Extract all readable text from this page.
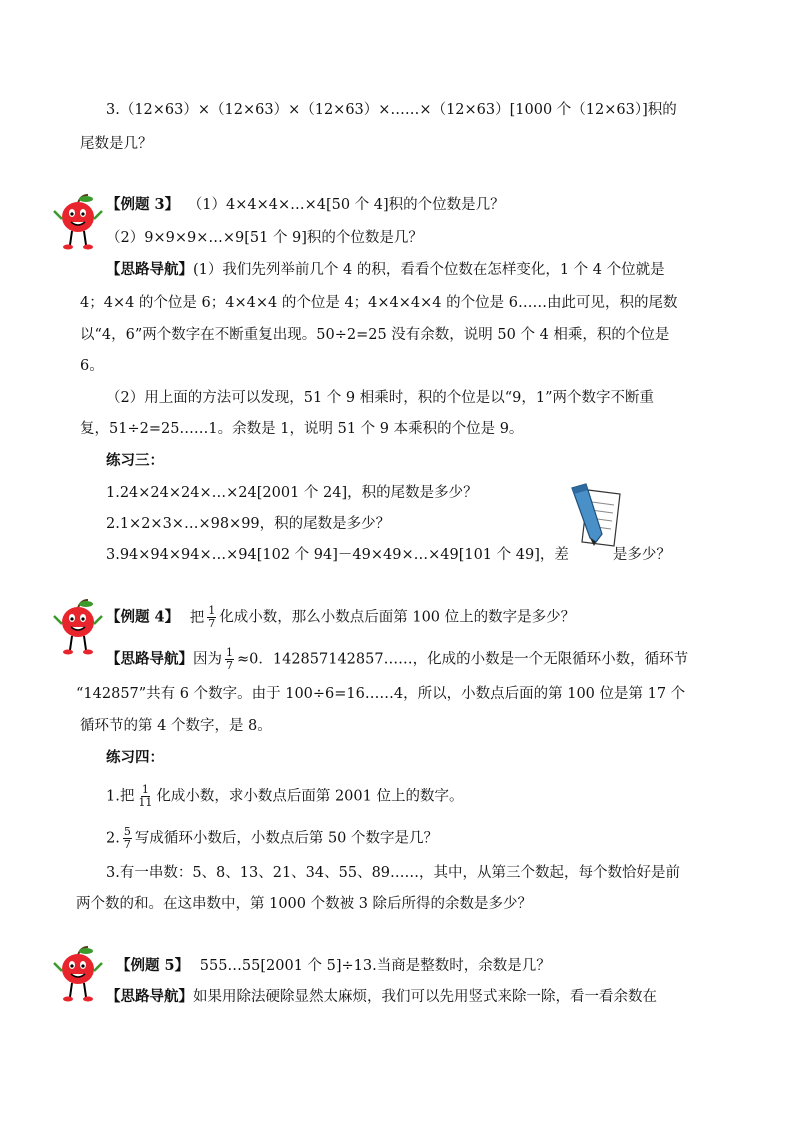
3.（12×63）×（12×63）×（12×63）×……×（12×63）[1000 个（12×63）]积的
尾数是几？
【例题 3】 （1）4×4×4×…×4[50 个 4]积的个位数是几？
（2）9×9×9×…×9[51 个 9]积的个位数是几？
【思路导航】(1）我们先列举前几个 4 的积，看看个位数在怎样变化，1 个 4 个位就是
4；4×4 的个位是 6；4×4×4 的个位是 4；4×4×4×4 的个位是 6……由此可见，积的尾数
以“4，6”两个数字在不断重复出现。50÷2=25 没有余数，说明 50 个 4 相乘，积的个位是
6。
（2）用上面的方法可以发现，51 个 9 相乘时，积的个位是以“9，1”两个数字不断重
复，51÷2=25……1。余数是 1，说明 51 个 9 本乘积的个位是 9。
练习三：
1.24×24×24×…×24[2001 个 24]，积的尾数是多少？
2.1×2×3×…×98×99，积的尾数是多少？
3.94×94×94×…×94[102 个 94]－49×49×…×49[101 个 49]，差	是多少？
【例题 4】 把 $\frac{1}{7}$ 化成小数，那么小数点后面第 100 位上的数字是多少？
【思路导航】因为 $\frac{1}{7} \approx 0$．142857142857……，化成的小数是一个无限循环小数，循环节
“142857”共有 6 个数字。由于 100÷6=16……4，所以，小数点后面的第 100 位是第 17 个
循环节的第 4 个数字，是 8。
练习四：
1.把 $\frac{1}{11}$ 化成小数，求小数点后面第 2001 位上的数字。
2. $\frac{5}{7}$ 写成循环小数后，小数点后第 50 个数字是几？
3.有一串数：5、8、13、21、34、55、89……，其中，从第三个数起，每个数恰好是前
两个数的和。在这串数中，第 1000 个数被 3 除后所得的余数是多少？
【例题 5】 555…55[2001 个 5]÷13.当商是整数时，余数是几？
【思路导航】如果用除法硬除显然太麻烦，我们可以先用竖式来除一除，看一看余数在
